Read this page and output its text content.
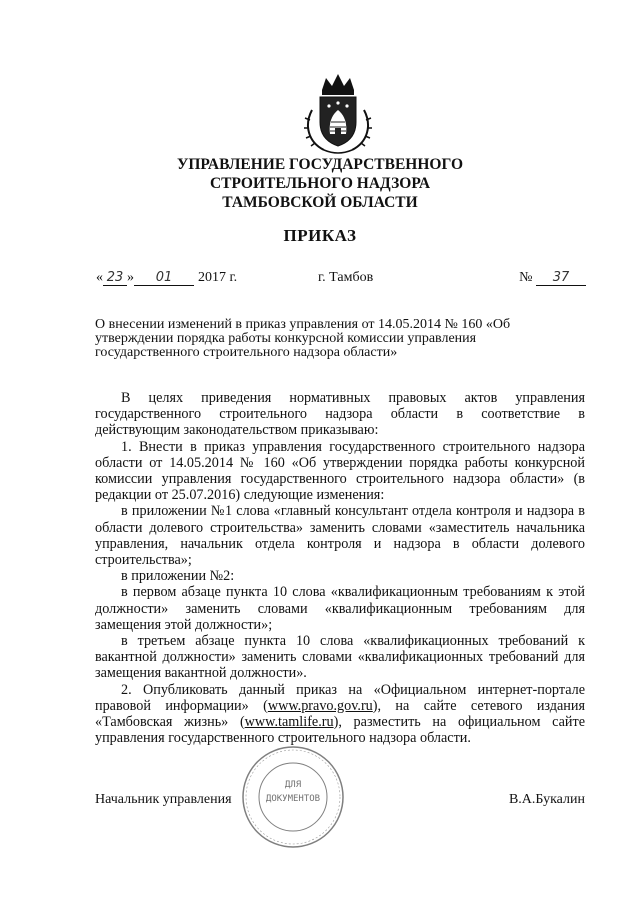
УПРАВЛЕНИЕ ГОСУДАРСТВЕННОГО
СТРОИТЕЛЬНОГО НАДЗОРА
ТАМБОВСКОЙ ОБЛАСТИ
ПРИКАЗ
« 23 » 01 2017 г.	г. Тамбов	№ 37
О внесении изменений в приказ управления от 14.05.2014 № 160 «Об утверждении порядка работы конкурсной комиссии управления государственного строительного надзора области»

В целях приведения нормативных правовых актов управления государственного строительного надзора области в соответствие в действующим законодательством приказываю:

1. Внести в приказ управления государственного строительного надзора области от 14.05.2014 № 160 «Об утверждении порядка работы конкурсной комиссии управления государственного строительного надзора области» (в редакции от 25.07.2016) следующие изменения:

в приложении №1 слова «главный консультант отдела контроля и надзора в области долевого строительства» заменить словами «заместитель начальника управления, начальник отдела контроля и надзора в области долевого строительства»;

в приложении №2:

в первом абзаце пункта 10 слова «квалификационным требованиям к этой должности» заменить словами «квалификационным требованиям для замещения этой должности»;

в третьем абзаце пункта 10 слова «квалификационных требований к вакантной должности» заменить словами «квалификационных требований для замещения вакантной должности».

2. Опубликовать данный приказ на «Официальном интернет-портале правовой информации» (www.pravo.gov.ru), на сайте сетевого издания «Тамбовская жизнь» (www.tamlife.ru), разместить на официальном сайте управления государственного строительного надзора области.

ДЛЯ
ДОКУМЕНТОВ
Начальник управления	В.А.Букалин
